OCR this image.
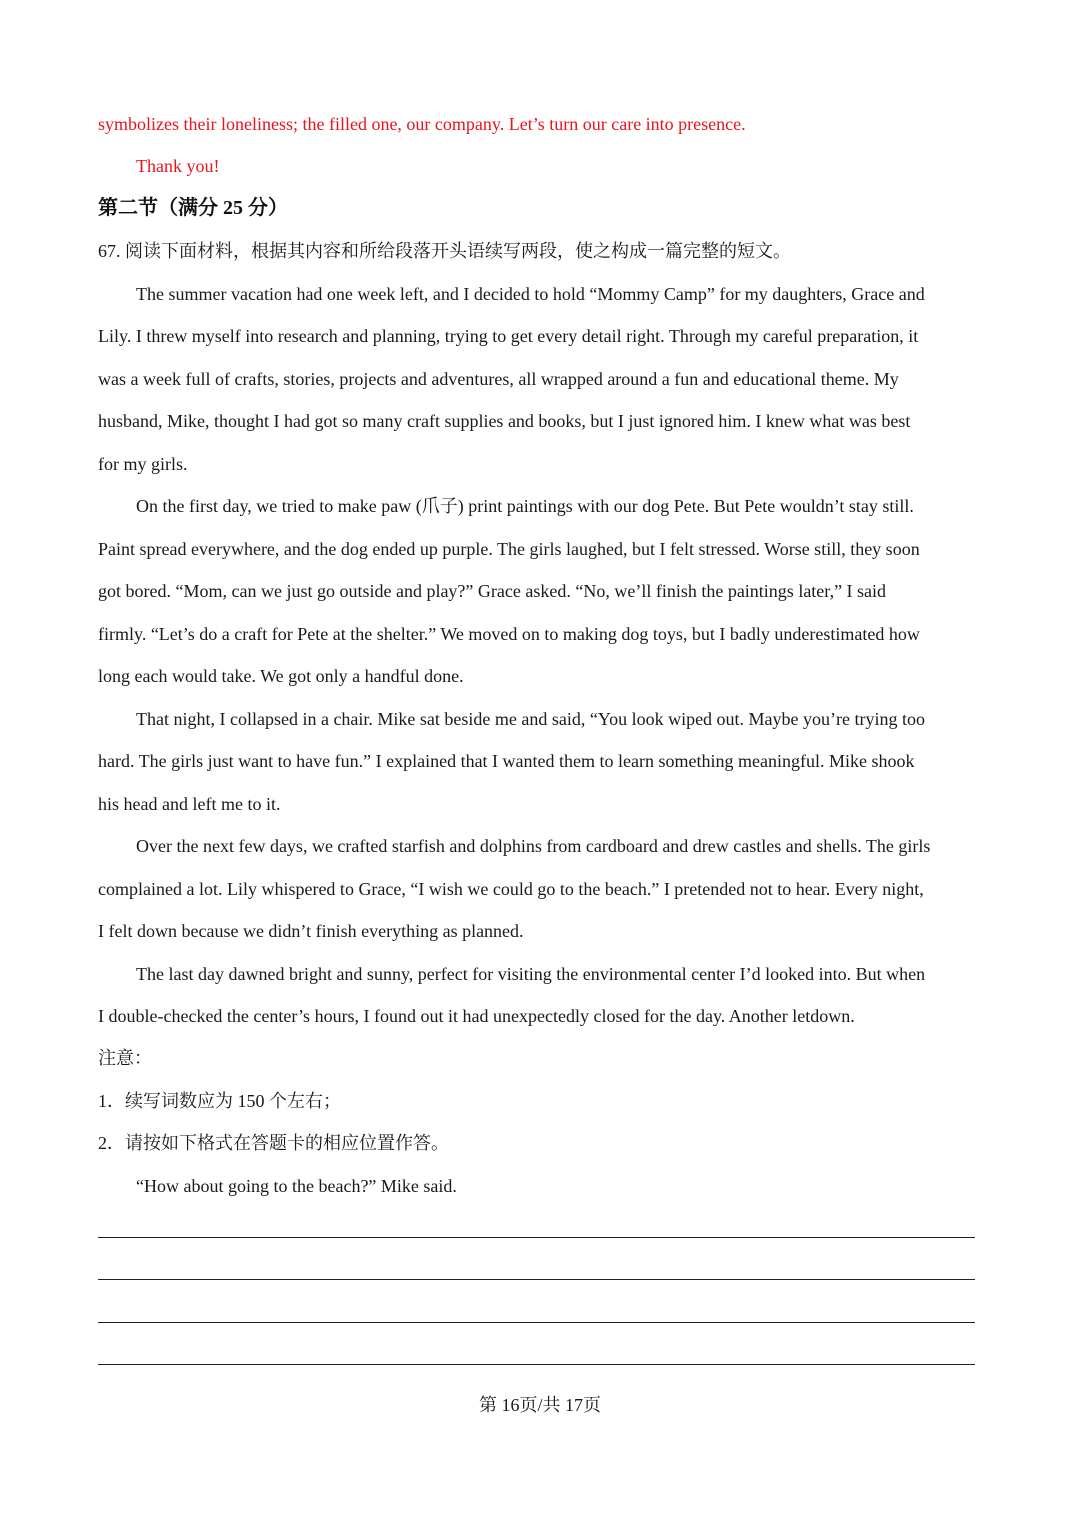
symbolizes their loneliness; the filled one, our company. Let’s turn our care into presence.
Thank you!
第二节（满分 25 分）
67. 阅读下面材料，根据其内容和所给段落开头语续写两段，使之构成一篇完整的短文。
The summer vacation had one week left, and I decided to hold “Mommy Camp” for my daughters, Grace and
Lily. I threw myself into research and planning, trying to get every detail right. Through my careful preparation, it
was a week full of crafts, stories, projects and adventures, all wrapped around a fun and educational theme. My
husband, Mike, thought I had got so many craft supplies and books, but I just ignored him. I knew what was best
for my girls.
On the first day, we tried to make paw (爪子) print paintings with our dog Pete. But Pete wouldn’t stay still.
Paint spread everywhere, and the dog ended up purple. The girls laughed, but I felt stressed. Worse still, they soon
got bored. “Mom, can we just go outside and play?” Grace asked. “No, we’ll finish the paintings later,” I said
firmly. “Let’s do a craft for Pete at the shelter.” We moved on to making dog toys, but I badly underestimated how
long each would take. We got only a handful done.
That night, I collapsed in a chair. Mike sat beside me and said, “You look wiped out. Maybe you’re trying too
hard. The girls just want to have fun.” I explained that I wanted them to learn something meaningful. Mike shook
his head and left me to it.
Over the next few days, we crafted starfish and dolphins from cardboard and drew castles and shells. The girls
complained a lot. Lily whispered to Grace, “I wish we could go to the beach.” I pretended not to hear. Every night,
I felt down because we didn’t finish everything as planned.
The last day dawned bright and sunny, perfect for visiting the environmental center I’d looked into. But when
I double-checked the center’s hours, I found out it had unexpectedly closed for the day. Another letdown.
注意：
1．续写词数应为 150 个左右；
2．请按如下格式在答题卡的相应位置作答。
“How about going to the beach?” Mike said.
第 16页/共 17页
